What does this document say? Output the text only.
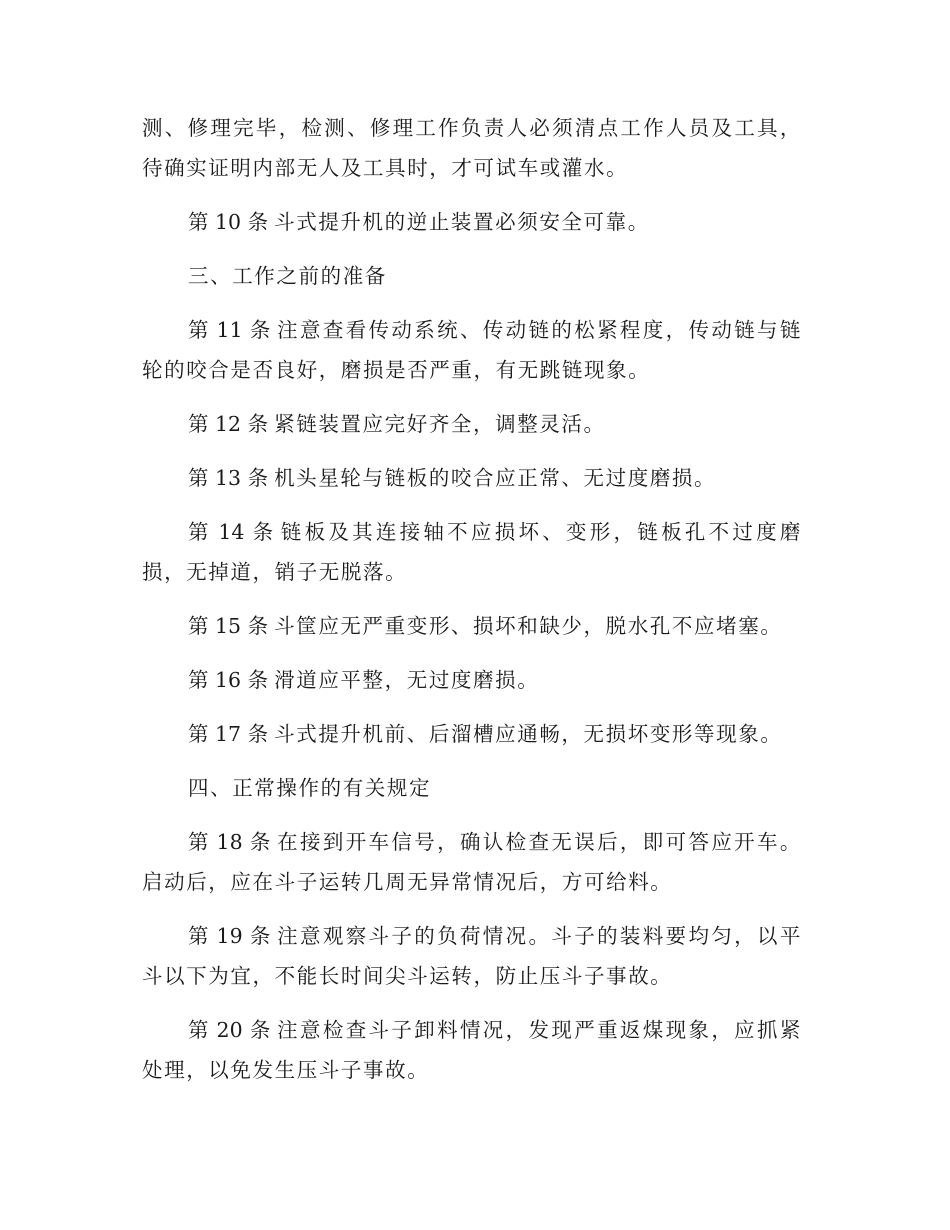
测、修理完毕，检测、修理工作负责人必须清点工作人员及工具，待确实证明内部无人及工具时，才可试车或灌水。

第 10 条 斗式提升机的逆止装置必须安全可靠。

三、工作之前的准备

第 11 条 注意查看传动系统、传动链的松紧程度，传动链与链轮的咬合是否良好，磨损是否严重，有无跳链现象。

第 12 条 紧链装置应完好齐全，调整灵活。

第 13 条 机头星轮与链板的咬合应正常、无过度磨损。

第 14 条 链板及其连接轴不应损坏、变形，链板孔不过度磨损，无掉道，销子无脱落。

第 15 条 斗筐应无严重变形、损坏和缺少，脱水孔不应堵塞。

第 16 条 滑道应平整，无过度磨损。

第 17 条 斗式提升机前、后溜槽应通畅，无损坏变形等现象。

四、正常操作的有关规定

第 18 条 在接到开车信号，确认检查无误后，即可答应开车。启动后，应在斗子运转几周无异常情况后，方可给料。

第 19 条 注意观察斗子的负荷情况。斗子的装料要均匀，以平斗以下为宜，不能长时间尖斗运转，防止压斗子事故。

第 20 条 注意检查斗子卸料情况，发现严重返煤现象，应抓紧处理，以免发生压斗子事故。
